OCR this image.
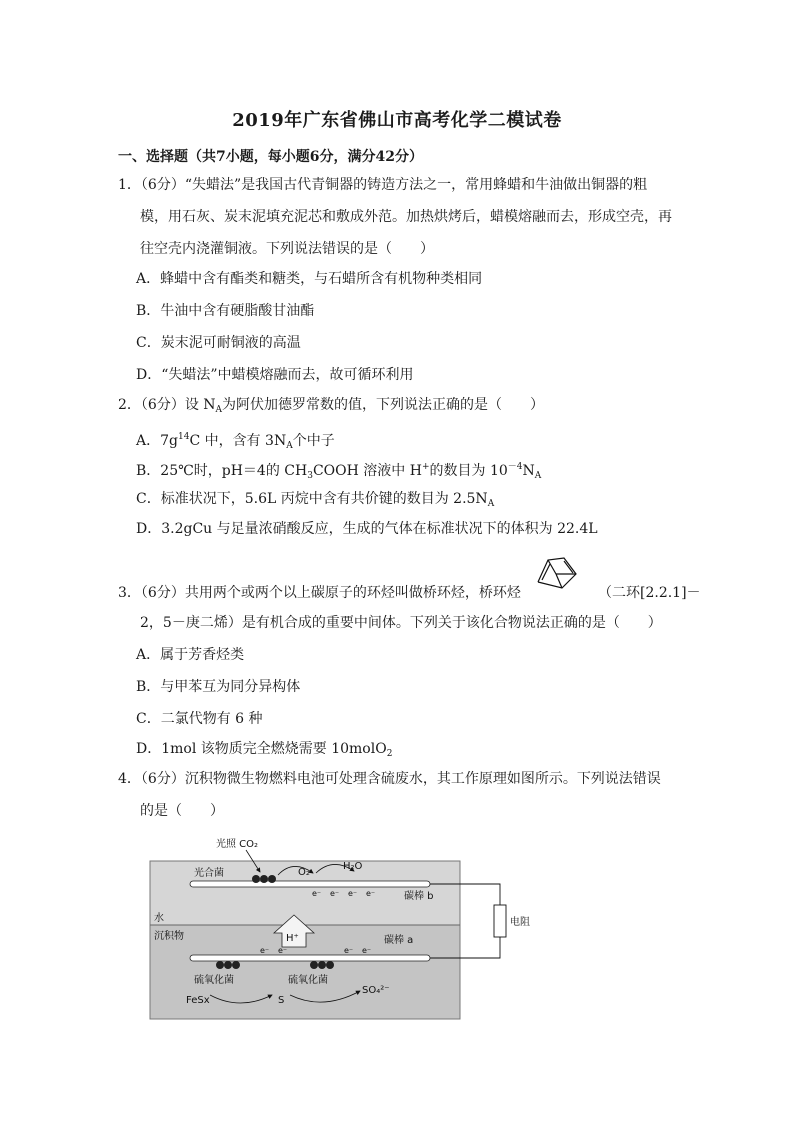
2019年广东省佛山市高考化学二模试卷
一、选择题（共7小题，每小题6分，满分42分）
1．（6分）“失蜡法”是我国古代青铜器的铸造方法之一，常用蜂蜡和牛油做出铜器的粗
模，用石灰、炭末泥填充泥芯和敷成外范。加热烘烤后，蜡模熔融而去，形成空壳，再
往空壳内浇灌铜液。下列说法错误的是（　　）
A．蜂蜡中含有酯类和糖类，与石蜡所含有机物种类相同
B．牛油中含有硬脂酸甘油酯
C．炭末泥可耐铜液的高温
D．“失蜡法”中蜡模熔融而去，故可循环利用
2．（6分）设 $N_A$为阿伏加德罗常数的值，下列说法正确的是（　　）
A．$7g^{14}C$ 中，含有 $3N_A$个中子
B．25℃时，pH＝4的 $CH_3COOH$ 溶液中 H+的数目为 $10^{-4}N_A$
C．标准状况下，5.6L 丙烷中含有共价键的数目为 $2.5N_A$
D．3.2gCu 与足量浓硝酸反应，生成的气体在标准状况下的体积为 22.4L
3．（6分）共用两个或两个以上碳原子的环烃叫做桥环烃，桥环烃	（二环[2.2.1]－
2，5－庚二烯）是有机合成的重要中间体。下列关于该化合物说法正确的是（　　）
A．属于芳香烃类
B．与甲苯互为同分异构体
C．二氯代物有 6 种
D．1mol 该物质完全燃烧需要 10molO$_2$
4．（6分）沉积物微生物燃料电池可处理含硫废水，其工作原理如图所示。下列说法错误
的是（　　）
光照 CO₂
光合菌	O₂
H₂O
e⁻ e⁻ e⁻ e⁻	碳棒 b
水
沉积物	H⁺	碳棒 a
e⁻ e⁻	e⁻ e⁻
硫氧化菌	硫氧化菌
FeSx	S
SO₄²⁻
电阻
